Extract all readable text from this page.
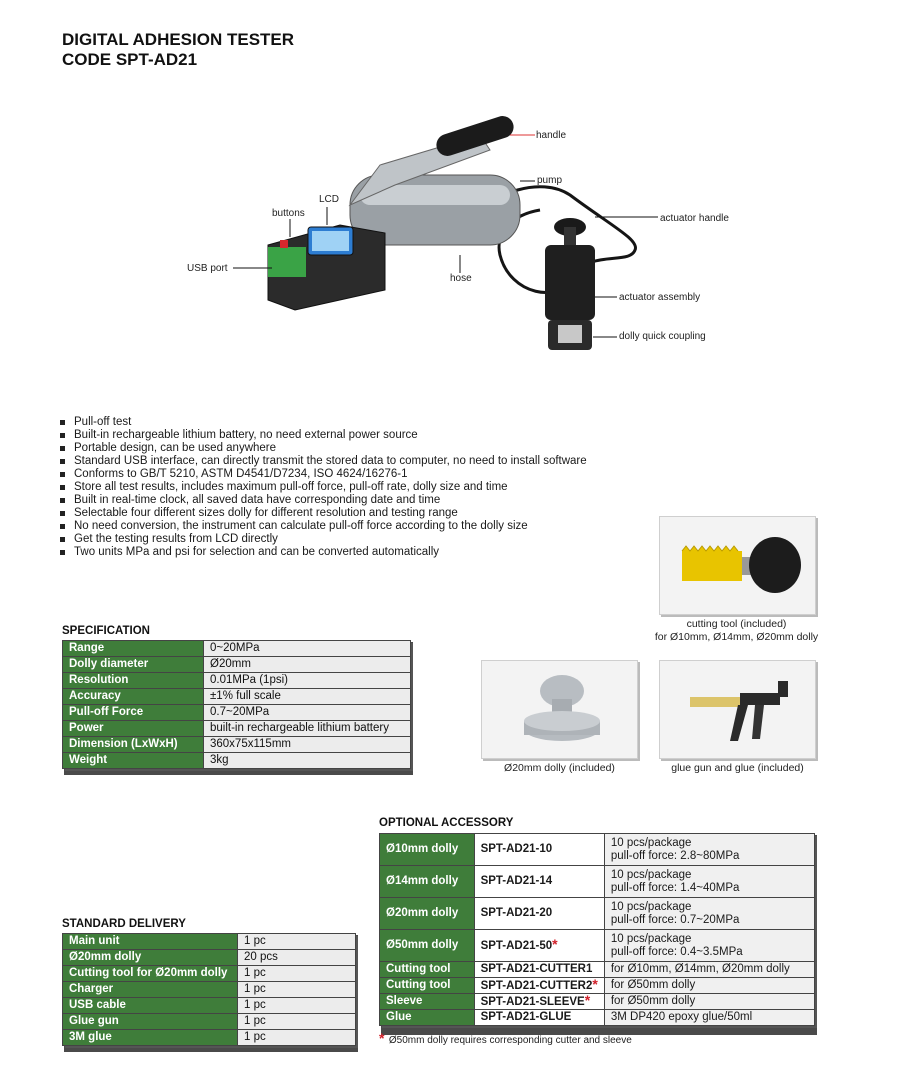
DIGITAL ADHESION TESTER
CODE SPT-AD21
handle
pump
LCD
buttons	actuator handle
USB port
hose
actuator assembly
dolly quick coupling
Pull-off test
Built-in rechargeable lithium battery, no need external power source
Portable design, can be used anywhere
Standard USB interface, can directly transmit the stored data to computer, no need to install software
Conforms to GB/T 5210, ASTM D4541/D7234, ISO 4624/16276-1
Store all test results, includes maximum pull-off force, pull-off rate, dolly size and time
Built in real-time clock, all saved data have corresponding date and time
Selectable four different sizes dolly for different resolution and testing range
No need conversion, the instrument can calculate pull-off force according to the dolly size
Get the testing results from LCD directly
Two units MPa and psi for selection and can be converted automatically
cutting tool (included)
for Ø10mm, Ø14mm, Ø20mm dolly
Ø20mm dolly (included)	glue gun and glue (included)
SPECIFICATION
Range	0~20MPa
Dolly diameter	Ø20mm
Resolution	0.01MPa (1psi)
Accuracy	±1% full scale
Pull-off Force	0.7~20MPa
Power	built-in rechargeable lithium battery
Dimension (LxWxH)	360x75x115mm
Weight	3kg
OPTIONAL ACCESSORY
Ø10mm dolly	SPT-AD21-10	10 pcs/package
pull-off force: 2.8~80MPa

Ø14mm dolly	SPT-AD21-14	10 pcs/package
pull-off force: 1.4~40MPa

Ø20mm dolly	SPT-AD21-20	10 pcs/package
pull-off force: 0.7~20MPa

Ø50mm dolly	SPT-AD21-50*	10 pcs/package
pull-off force: 0.4~3.5MPa

Cutting tool	SPT-AD21-CUTTER1	for Ø10mm, Ø14mm, Ø20mm dolly
Cutting tool	SPT-AD21-CUTTER2*	for Ø50mm dolly
Sleeve	SPT-AD21-SLEEVE*	for Ø50mm dolly
Glue	SPT-AD21-GLUE	3M DP420 epoxy glue/50ml
* Ø50mm dolly requires corresponding cutter and sleeve
STANDARD DELIVERY
Main unit	1 pc
Ø20mm dolly	20 pcs
Cutting tool for Ø20mm dolly	1 pc
Charger	1 pc
USB cable	1 pc
Glue gun	1 pc
3M glue	1 pc
